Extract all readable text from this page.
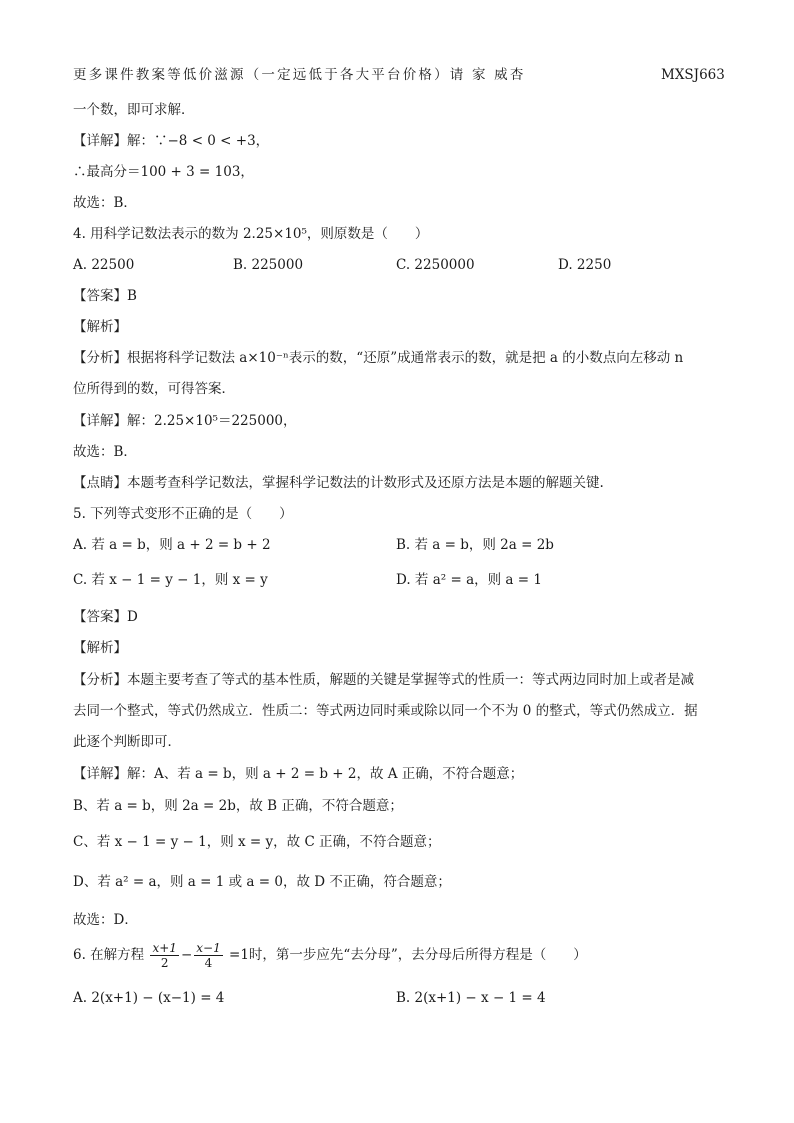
更多课件教案等低价滋源（一定远低于各大平台价格）请 家 威杏	MXSJ663
一个数，即可求解．
【详解】解：∵−8 < 0 < +3，
∴最高分＝100 + 3 = 103，
故选：B．
4. 用科学记数法表示的数为 2.25×10⁵，则原数是（　　）
A. 22500	B. 225000	C. 2250000	D. 2250
【答案】B
【解析】
【分析】根据将科学记数法 a×10⁻ⁿ表示的数，“还原”成通常表示的数，就是把 a 的小数点向左移动 n
位所得到的数，可得答案．
【详解】解：2.25×10⁵＝225000，
故选：B．
【点睛】本题考查科学记数法，掌握科学记数法的计数形式及还原方法是本题的解题关键.
5. 下列等式变形不正确的是（　　）
A. 若 a = b，则 a + 2 = b + 2	B. 若 a = b，则 2a = 2b
C. 若 x − 1 = y − 1，则 x = y	D. 若 a² = a，则 a = 1
【答案】D
【解析】
【分析】本题主要考查了等式的基本性质，解题的关键是掌握等式的性质一：等式两边同时加上或者是减
去同一个整式，等式仍然成立．性质二：等式两边同时乘或除以同一个不为 0 的整式，等式仍然成立．据
此逐个判断即可．
【详解】解：A、若 a = b，则 a + 2 = b + 2，故 A 正确，不符合题意；
B、若 a = b，则 2a = 2b，故 B 正确，不符合题意；
C、若 x − 1 = y − 1，则 x = y，故 C 正确，不符合题意；
D、若 a² = a，则 a = 1 或 a = 0，故 D 不正确，符合题意；
故选：D．
6. 在解方程 $\frac{x+1}{2} - \frac{x-1}{4} =1$时，第一步应先“去分母”，去分母后所得方程是（　　）
A. 2(x+1) − (x−1) = 4	B. 2(x+1) − x − 1 = 4
